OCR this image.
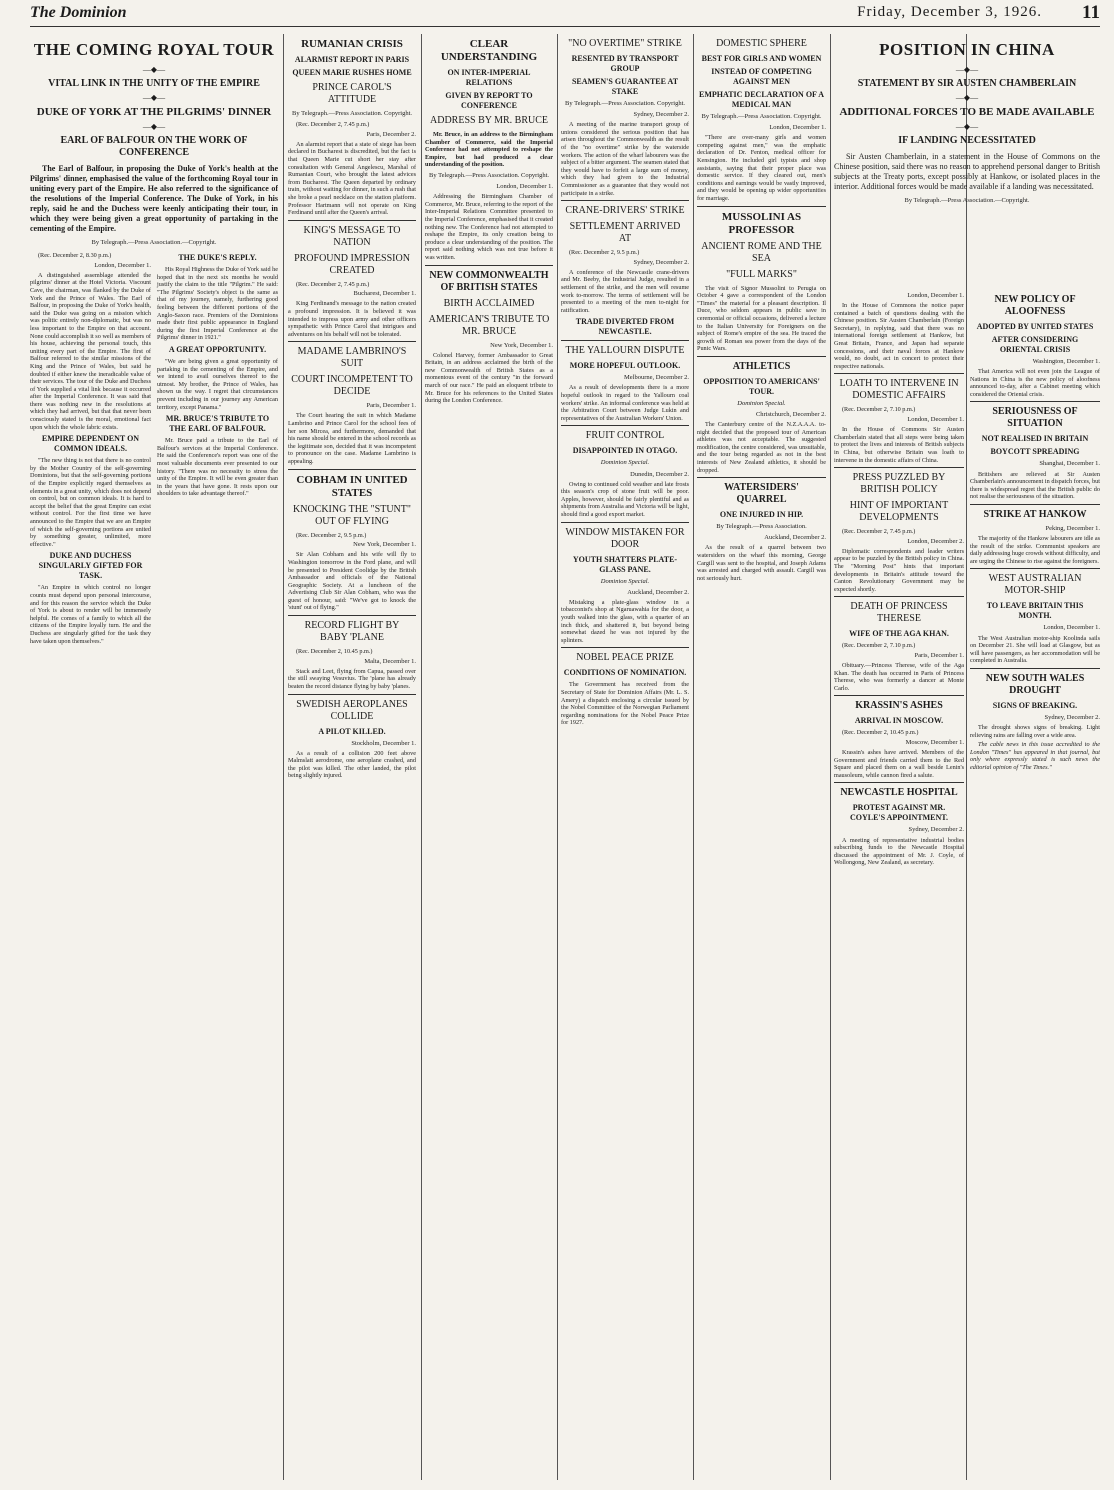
The Dominion	Friday, December 3, 1926. 11
THE COMING ROYAL TOUR
—◆—
VITAL LINK IN THE UNITY OF THE EMPIRE
—◆—
DUKE OF YORK AT THE PILGRIMS' DINNER
—◆—
EARL OF BALFOUR ON THE WORK OF CONFERENCE
The Earl of Balfour, in proposing the Duke of York's health at the Pilgrims' dinner, emphasised the value of the forthcoming Royal tour in uniting every part of the Empire. He also referred to the significance of the resolutions of the Imperial Conference. The Duke of York, in his reply, said he and the Duchess were keenly anticipating their tour, in which they were being given a great opportunity of partaking in the cementing of the Empire.
By Telegraph.—Press Association.—Copyright.
(Rec. December 2, 8.30 p.m.)
London, December 1.
A distinguished assemblage attended the pilgrims' dinner at the Hotel Victoria. Viscount Cave, the chairman, was flanked by the Duke of York and the Prince of Wales. The Earl of Balfour, in proposing the Duke of York's health, said the Duke was going on a mission which was politic entirely non-diplomatic, but was no less important to the Empire on that account. None could accomplish it so well as members of his house, achieving the personal touch, this uniting every part of the Empire. The first of Balfour referred to the similar missions of the King and the Prince of Wales, but said he doubted if either knew the ineradicable value of their services. The tour of the Duke and Duchess of York supplied a vital link because it occurred after the Imperial Conference. It was said that there was nothing new in the resolutions at which they had arrived, but that that never been consciously stated is the moral, emotional fact upon which the whole fabric exists.
EMPIRE DEPENDENT ON COMMON IDEALS.
"The new thing is not that there is no control by the Mother Country of the self-governing Dominions, but that the self-governing portions of the Empire explicitly regard themselves as elements in a great unity, which does not depend on control, but on common ideals. It is hard to accept the belief that the great Empire can exist without control. For the first time we have announced to the Empire that we are an Empire of which the self-governing portions are united by something greater, unlimited, more effective."
DUKE AND DUCHESS SINGULARLY GIFTED FOR TASK.
"An Empire in which control no longer counts must depend upon personal intercourse, and for this reason the service which the Duke of York is about to render will be immensely helpful. He comes of a family to which all the citizens of the Empire loyally turn. He and the Duchess are singularly gifted for the task they have taken upon themselves."
THE DUKE'S REPLY.
His Royal Highness the Duke of York said he hoped that in the next six months he would justify the claim to the title "Pilgrim." He said: "The Pilgrims' Society's object is the same as that of my journey, namely, furthering good feeling between the different portions of the Anglo-Saxon race. Premiers of the Dominions made their first public appearance in England during the first Imperial Conference at the Pilgrims' dinner in 1921."
A GREAT OPPORTUNITY.
"We are being given a great opportunity of partaking in the cementing of the Empire, and we intend to avail ourselves thereof to the utmost. My brother, the Prince of Wales, has shown us the way. I regret that circumstances prevent including in our journey any American territory, except Panama."
MR. BRUCE'S TRIBUTE TO THE EARL OF BALFOUR.
Mr. Bruce paid a tribute to the Earl of Balfour's services at the Imperial Conference. He said the Conference's report was one of the most valuable documents ever presented to our history. "There was no necessity to stress the unity of the Empire. It will be even greater than in the years that have gone. It rests upon our shoulders to take advantage thereof."
RUMANIAN CRISIS
ALARMIST REPORT IN PARIS
QUEEN MARIE RUSHES HOME
PRINCE CAROL'S ATTITUDE
By Telegraph.—Press Association. Copyright.
(Rec. December 2, 7.45 p.m.)
Paris, December 2.
An alarmist report that a state of siege has been declared in Bucharest is discredited, but the fact is that Queen Marie cut short her stay after consultation with General Angelescu, Marshal of Rumanian Court, who brought the latest advices from Bucharest. The Queen departed by ordinary train, without waiting for dinner, in such a rush that she broke a pearl necklace on the station platform. Professor Hartmann will not operate on King Ferdinand until after the Queen's arrival.
KING'S MESSAGE TO NATION
PROFOUND IMPRESSION CREATED
(Rec. December 2, 7.45 p.m.)
Bucharest, December 1.
King Ferdinand's message to the nation created a profound impression. It is believed it was intended to impress upon army and other officers sympathetic with Prince Carol that intrigues and adventures on his behalf will not be tolerated.
MADAME LAMBRINO'S SUIT
COURT INCOMPETENT TO DECIDE
Paris, December 1.
The Court hearing the suit in which Madame Lambrino and Prince Carol for the school fees of her son Mircea, and furthermore, demanded that his name should be entered in the school records as the legitimate son, decided that it was incompetent to pronounce on the case. Madame Lambrino is appealing.
COBHAM IN UNITED STATES
KNOCKING THE "STUNT" OUT OF FLYING
(Rec. December 2, 9.5 p.m.)
New York, December 1.
Sir Alan Cobham and his wife will fly to Washington tomorrow in the Ford plane, and will be presented to President Coolidge by the British Ambassador and officials of the National Geographic Society. At a luncheon of the Advertising Club Sir Alan Cobham, who was the guest of honour, said: "We've got to knock the 'stunt' out of flying."
RECORD FLIGHT BY BABY 'PLANE
(Rec. December 2, 10.45 p.m.)
Malta, December 1.
Stack and Leet, flying from Capua, passed over the still swaying Vesuvius. The 'plane has already beaten the record distance flying by baby 'planes.
SWEDISH AEROPLANES COLLIDE
A PILOT KILLED.
Stockholm, December 1.
As a result of a collision 200 feet above Malmslatt aerodrome, one aeroplane crashed, and the pilot was killed. The other landed, the pilot being slightly injured.
CLEAR UNDERSTANDING
ON INTER-IMPERIAL RELATIONS
GIVEN BY REPORT TO CONFERENCE
ADDRESS BY MR. BRUCE
Mr. Bruce, in an address to the Birmingham Chamber of Commerce, said the Imperial Conference had not attempted to reshape the Empire, but had produced a clear understanding of the position.
By Telegraph.—Press Association. Copyright.
London, December 1.
Addressing the Birmingham Chamber of Commerce, Mr. Bruce, referring to the report of the Inter-Imperial Relations Committee presented to the Imperial Conference, emphasised that it created nothing new. The Conference had not attempted to reshape the Empire, its only creation being to produce a clear understanding of the position. The report said nothing which was not true before it was written.
NEW COMMONWEALTH OF BRITISH STATES
BIRTH ACCLAIMED
AMERICAN'S TRIBUTE TO MR. BRUCE
New York, December 1.
Colonel Harvey, former Ambassador to Great Britain, in an address acclaimed the birth of the new Commonwealth of British States as a momentous event of the century "in the forward march of our race." He paid an eloquent tribute to Mr. Bruce for his references to the United States during the London Conference.
"NO OVERTIME" STRIKE
RESENTED BY TRANSPORT GROUP
SEAMEN'S GUARANTEE AT STAKE
By Telegraph.—Press Association. Copyright.
Sydney, December 2.
A meeting of the marine transport group of unions considered the serious position that has arisen throughout the Commonwealth as the result of the "no overtime" strike by the waterside workers. The action of the wharf labourers was the subject of a bitter argument. The seamen stated that they would have to forfeit a large sum of money, which they had given to the Industrial Commissioner as a guarantee that they would not participate in a strike.
CRANE-DRIVERS' STRIKE
SETTLEMENT ARRIVED AT
(Rec. December 2, 9.5 p.m.)
Sydney, December 2.
A conference of the Newcastle crane-drivers and Mr. Beeby, the Industrial Judge, resulted in a settlement of the strike, and the men will resume work to-morrow. The terms of settlement will be presented to a meeting of the men to-night for ratification.
TRADE DIVERTED FROM NEWCASTLE.
THE YALLOURN DISPUTE
MORE HOPEFUL OUTLOOK.
Melbourne, December 2.
As a result of developments there is a more hopeful outlook in regard to the Yallourn coal workers' strike. An informal conference was held at the Arbitration Court between Judge Lukin and representatives of the Australian Workers' Union.
FRUIT CONTROL
DISAPPOINTED IN OTAGO.
Dominion Special.
Dunedin, December 2.
Owing to continued cold weather and late frosts this season's crop of stone fruit will be poor. Apples, however, should be fairly plentiful and as shipments from Australia and Victoria will be light, should find a good export market.
WINDOW MISTAKEN FOR DOOR
YOUTH SHATTERS PLATE-GLASS PANE.
Dominion Special.
Auckland, December 2.
Mistaking a plate-glass window in a tobacconist's shop at Ngaruawahia for the door, a youth walked into the glass, with a quarter of an inch thick, and shattered it, but beyond being somewhat dazed he was not injured by the splinters.
NOBEL PEACE PRIZE
CONDITIONS OF NOMINATION.
The Government has received from the Secretary of State for Dominion Affairs (Mr. L. S. Amery) a dispatch enclosing a circular issued by the Nobel Committee of the Norwegian Parliament regarding nominations for the Nobel Peace Prize for 1927.
DOMESTIC SPHERE
BEST FOR GIRLS AND WOMEN
INSTEAD OF COMPETING AGAINST MEN
EMPHATIC DECLARATION OF A MEDICAL MAN
By Telegraph.—Press Association. Copyright.
London, December 1.
"There are over-many girls and women competing against men," was the emphatic declaration of Dr. Fenton, medical officer for Kensington. He included girl typists and shop assistants, saying that their proper place was domestic service. If they cleared out, men's conditions and earnings would be vastly improved, and they would be opening up wider opportunities for marriage.
MUSSOLINI AS PROFESSOR
ANCIENT ROME AND THE SEA
"FULL MARKS"
The visit of Signor Mussolini to Perugia on October 4 gave a correspondent of the London "Times" the material for a pleasant description. Il Duce, who seldom appears in public save in ceremonial or official occasions, delivered a lecture to the Italian University for Foreigners on the subject of Rome's empire of the sea. He traced the growth of Roman sea power from the days of the Punic Wars.
ATHLETICS
OPPOSITION TO AMERICANS' TOUR.
Dominion Special.
Christchurch, December 2.
The Canterbury centre of the N.Z.A.A.A. to-night decided that the proposed tour of American athletes was not acceptable. The suggested modification, the centre considered, was unsuitable, and the tour being regarded as not in the best interests of New Zealand athletics, it should be dropped.
WATERSIDERS' QUARREL
ONE INJURED IN HIP.
By Telegraph.—Press Association.
Auckland, December 2.
As the result of a quarrel between two watersiders on the wharf this morning, George Cargill was sent to the hospital, and Joseph Adams was arrested and charged with assault. Cargill was not seriously hurt.
POSITION IN CHINA
—◆—
STATEMENT BY SIR AUSTEN CHAMBERLAIN
—◆—
ADDITIONAL FORCES TO BE MADE AVAILABLE
—◆—
IF LANDING NECESSITATED
Sir Austen Chamberlain, in a statement in the House of Commons on the Chinese position, said there was no reason to apprehend personal danger to British subjects at the Treaty ports, except possibly at Hankow, or isolated places in the interior. Additional forces would be made available if a landing was necessitated.
By Telegraph.—Press Association.—Copyright.
London, December 1.
In the House of Commons the notice paper contained a batch of questions dealing with the Chinese position. Sir Austen Chamberlain (Foreign Secretary), in replying, said that there was no international foreign settlement at Hankow, but Great Britain, France, and Japan had separate concessions, and their naval forces at Hankow would, no doubt, act in concert to protect their respective nationals.
LOATH TO INTERVENE IN DOMESTIC AFFAIRS
(Rec. December 2, 7.10 p.m.)
London, December 1.
In the House of Commons Sir Austen Chamberlain stated that all steps were being taken to protect the lives and interests of British subjects in China, but otherwise Britain was loath to intervene in the domestic affairs of China.
PRESS PUZZLED BY BRITISH POLICY
HINT OF IMPORTANT DEVELOPMENTS
(Rec. December 2, 7.45 p.m.)
London, December 2.
Diplomatic correspondents and leader writers appear to be puzzled by the British policy in China. The "Morning Post" hints that important developments in Britain's attitude toward the Canton Revolutionary Government may be expected shortly.
DEATH OF PRINCESS THERESE
WIFE OF THE AGA KHAN.
(Rec. December 2, 7.10 p.m.)
Paris, December 1.
Obituary.—Princess Therese, wife of the Aga Khan. The death has occurred in Paris of Princess Therese, who was formerly a dancer at Monte Carlo.
KRASSIN'S ASHES
ARRIVAL IN MOSCOW.
(Rec. December 2, 10.45 p.m.)
Moscow, December 1.
Krassin's ashes have arrived. Members of the Government and friends carried them to the Red Square and placed them on a wall beside Lenin's mausoleum, while cannon fired a salute.
NEWCASTLE HOSPITAL
PROTEST AGAINST MR. COYLE'S APPOINTMENT.
Sydney, December 2.
A meeting of representative industrial bodies subscribing funds to the Newcastle Hospital discussed the appointment of Mr. J. Coyle, of Wollongong, New Zealand, as secretary.
NEW POLICY OF ALOOFNESS
ADOPTED BY UNITED STATES
AFTER CONSIDERING ORIENTAL CRISIS
Washington, December 1.
That America will not even join the League of Nations in China is the new policy of aloofness announced to-day, after a Cabinet meeting which considered the Oriental crisis.
SERIOUSNESS OF SITUATION
NOT REALISED IN BRITAIN
BOYCOTT SPREADING
Shanghai, December 1.
Britishers are relieved at Sir Austen Chamberlain's announcement in dispatch forces, but there is widespread regret that the British public do not realise the seriousness of the situation.
STRIKE AT HANKOW
Peking, December 1.
The majority of the Hankow labourers are idle as the result of the strike. Communist speakers are daily addressing huge crowds without difficulty, and are urging the Chinese to rise against the foreigners.
WEST AUSTRALIAN MOTOR-SHIP
TO LEAVE BRITAIN THIS MONTH.
London, December 1.
The West Australian motor-ship Koolinda sails on December 21. She will load at Glasgow, but as will have passengers, as her accommodation will be completed in Australia.
NEW SOUTH WALES DROUGHT
SIGNS OF BREAKING.
Sydney, December 2.
The drought shows signs of breaking. Light relieving rains are falling over a wide area.
The cable news in this issue accredited to the London "Times" has appeared in that journal, but only where expressly stated is such news the editorial opinion of "The Times."
